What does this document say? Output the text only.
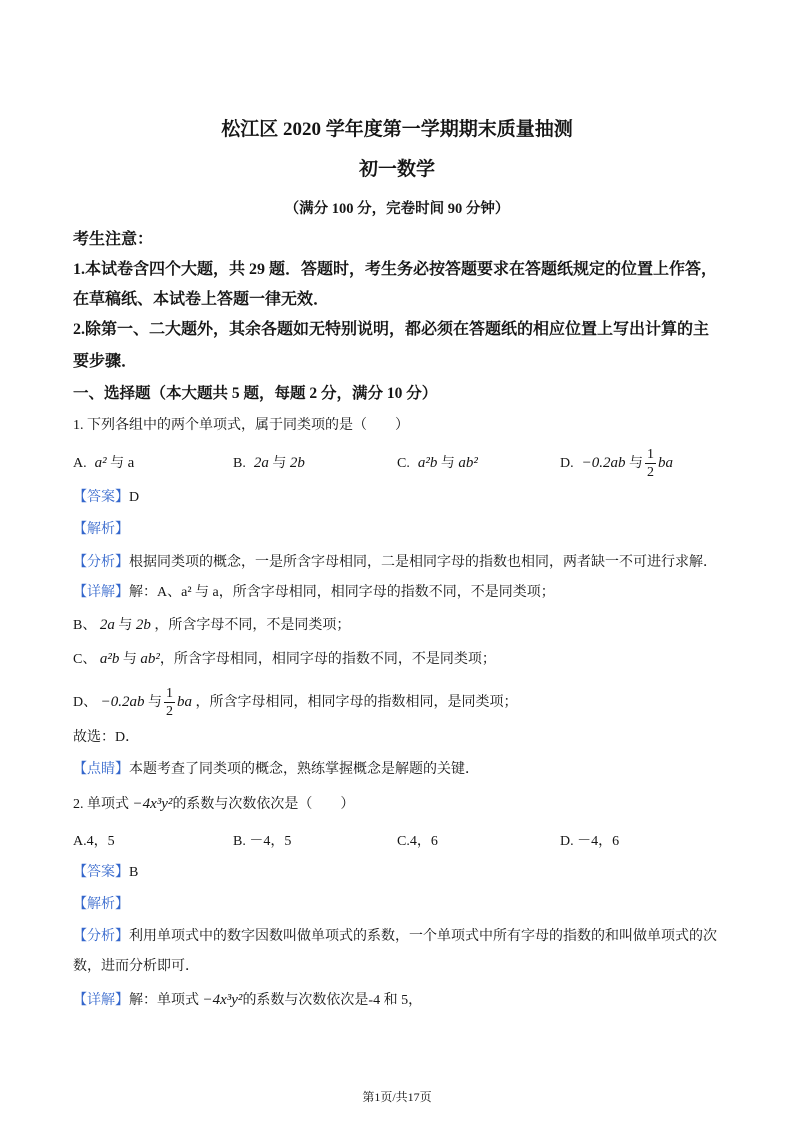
松江区 2020 学年度第一学期期末质量抽测
初一数学
（满分 100 分，完卷时间 90 分钟）
考生注意：
1.本试卷含四个大题，共 29 题．答题时，考生务必按答题要求在答题纸规定的位置上作答，
在草稿纸、本试卷上答题一律无效．
2.除第一、二大题外，其余各题如无特别说明，都必须在答题纸的相应位置上写出计算的主
要步骤．
一、选择题（本大题共 5 题，每题 2 分，满分 10 分）
1. 下列各组中的两个单项式，属于同类项的是（　　）
A. a² 与 a	B. 2a 与 2b	C. a²b 与 ab²	D. −0.2ab 与 $\frac{1}{2}$ ba
【答案】D
【解析】
【分析】根据同类项的概念，一是所含字母相同，二是相同字母的指数也相同，两者缺一不可进行求解．
【详解】解：A、a² 与 a，所含字母相同，相同字母的指数不同，不是同类项；
B、 2a 与 2b ，所含字母不同，不是同类项；
C、 a²b 与 ab²，所含字母相同，相同字母的指数不同，不是同类项；
D、 −0.2ab 与 $\frac{1}{2}$ ba ，所含字母相同，相同字母的指数相同，是同类项；
故选：D．
【点睛】本题考查了同类项的概念，熟练掌握概念是解题的关键．
2. 单项式 −4x³y²的系数与次数依次是（　　）
A.4，5	B. －4，5	C.4，6	D. －4，6
【答案】B
【解析】
【分析】利用单项式中的数字因数叫做单项式的系数，一个单项式中所有字母的指数的和叫做单项式的次
数，进而分析即可．
【详解】解：单项式 −4x³y²的系数与次数依次是-4 和 5，
第1页/共17页
